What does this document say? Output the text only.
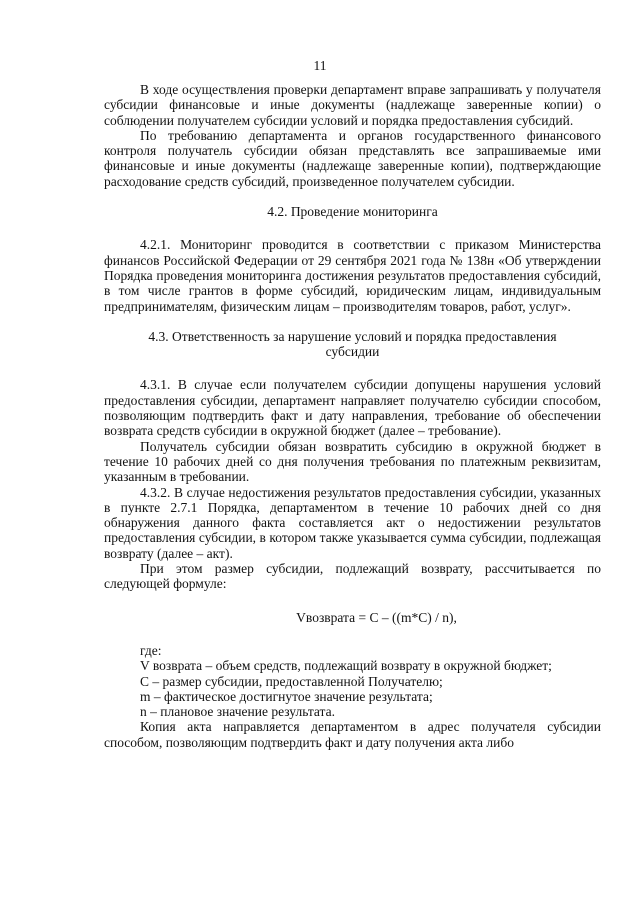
11

В ходе осуществления проверки департамент вправе запрашивать у получателя субсидии финансовые и иные документы (надлежаще заверенные копии) о соблюдении получателем субсидии условий и порядка предоставления субсидий.

По требованию департамента и органов государственного финансового контроля получатель субсидии обязан представлять все запрашиваемые ими финансовые и иные документы (надлежаще заверенные копии), подтверждающие расходование средств субсидий, произведенное получателем субсидии.

4.2. Проведение мониторинга

4.2.1. Мониторинг проводится в соответствии с приказом Министерства финансов Российской Федерации от 29 сентября 2021 года № 138н «Об утверждении Порядка проведения мониторинга достижения результатов предоставления субсидий, в том числе грантов в форме субсидий, юридическим лицам, индивидуальным предпринимателям, физическим лицам – производителям товаров, работ, услуг».

4.3. Ответственность за нарушение условий и порядка предоставления
субсидии

4.3.1. В случае если получателем субсидии допущены нарушения условий предоставления субсидии, департамент направляет получателю субсидии способом, позволяющим подтвердить факт и дату направления, требование об обеспечении возврата средств субсидии в окружной бюджет (далее – требование).

Получатель субсидии обязан возвратить субсидию в окружной бюджет в течение 10 рабочих дней со дня получения требования по платежным реквизитам, указанным в требовании.

4.3.2. В случае недостижения результатов предоставления субсидии, указанных в пункте 2.7.1 Порядка, департаментом в течение 10 рабочих дней со дня обнаружения данного факта составляется акт о недостижении результатов предоставления субсидии, в котором также указывается сумма субсидии, подлежащая возврату (далее – акт).

При этом размер субсидии, подлежащий возврату, рассчитывается по следующей формуле:

Vвозврата = C – ((m*C) / n),

где:

V возврата – объем средств, подлежащий возврату в окружной бюджет;

C – размер субсидии, предоставленной Получателю;

m – фактическое достигнутое значение результата;

n – плановое значение результата.

Копия акта направляется департаментом в адрес получателя субсидии способом, позволяющим подтвердить факт и дату получения акта либо
